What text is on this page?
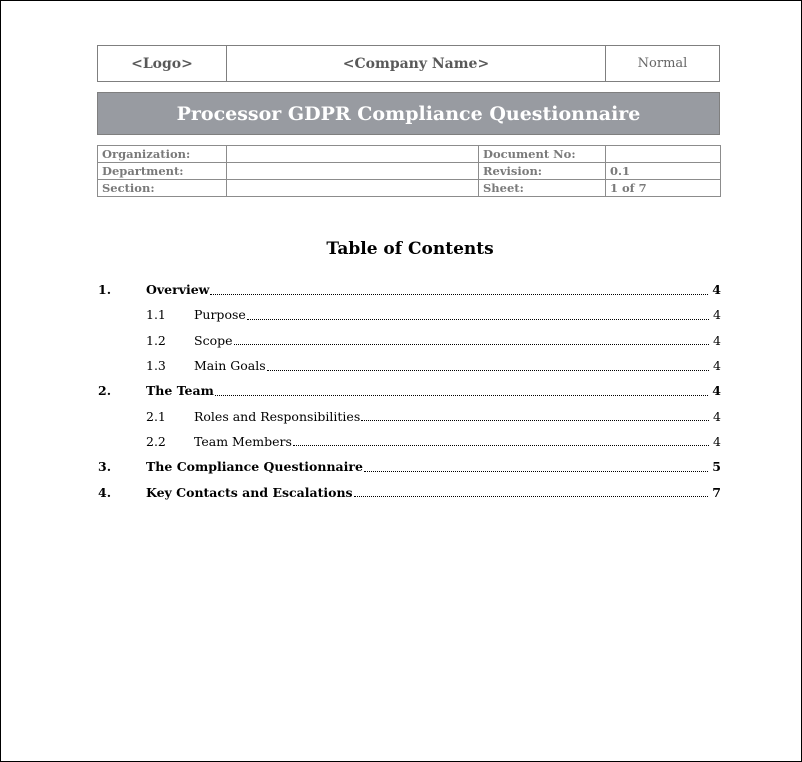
<Logo>	<Company Name>	Normal
Processor GDPR Compliance Questionnaire
Organization:		Document No:	
Department:		Revision:	0.1
Section:		Sheet:	1 of 7
Table of Contents
1.	Overview	4
1.1 Purpose	4
1.2 Scope	4
1.3 Main Goals	4
2.	The Team	4
2.1 Roles and Responsibilities	4
2.2 Team Members	4
3.	The Compliance Questionnaire	5
4.	Key Contacts and Escalations	7
